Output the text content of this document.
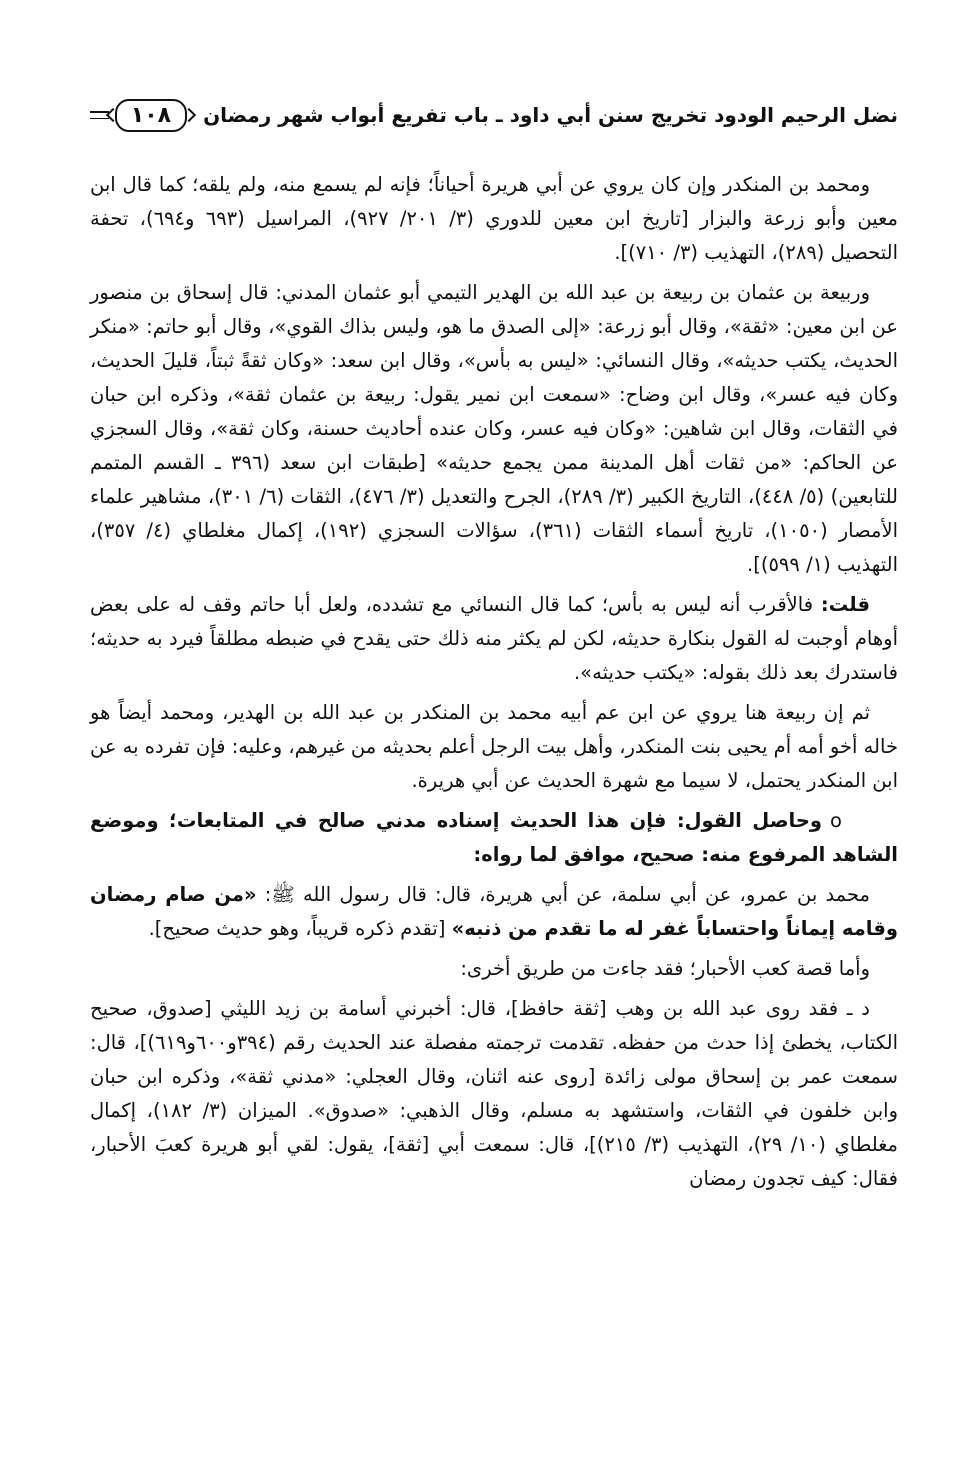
نضل الرحيم الودود تخريج سنن أبي داود ـ باب تفريع أبواب شهر رمضان
١٠٨

ومحمد بن المنكدر وإن كان يروي عن أبي هريرة أحياناً؛ فإنه لم يسمع منه، ولم يلقه؛ كما قال ابن معين وأبو زرعة والبزار [تاريخ ابن معين للدوري (٣/ ٢٠١/ ٩٢٧)، المراسيل (٦٩٣ و٦٩٤)، تحفة التحصيل (٢٨٩)، التهذيب (٣/ ٧١٠)].

وربيعة بن عثمان بن ربيعة بن عبد الله بن الهدير التيمي أبو عثمان المدني: قال إسحاق بن منصور عن ابن معين: «ثقة»، وقال أبو زرعة: «إلى الصدق ما هو، وليس بذاك القوي»، وقال أبو حاتم: «منكر الحديث، يكتب حديثه»، وقال النسائي: «ليس به بأس»، وقال ابن سعد: «وكان ثقةً ثبتاً، قليلَ الحديث، وكان فيه عسر»، وقال ابن وضاح: «سمعت ابن نمير يقول: ربيعة بن عثمان ثقة»، وذكره ابن حبان في الثقات، وقال ابن شاهين: «وكان فيه عسر، وكان عنده أحاديث حسنة، وكان ثقة»، وقال السجزي عن الحاكم: «من ثقات أهل المدينة ممن يجمع حديثه» [طبقات ابن سعد (٣٩٦ ـ القسم المتمم للتابعين) (٥/ ٤٤٨)، التاريخ الكبير (٣/ ٢٨٩)، الجرح والتعديل (٣/ ٤٧٦)، الثقات (٦/ ٣٠١)، مشاهير علماء الأمصار (١٠٥٠)، تاريخ أسماء الثقات (٣٦١)، سؤالات السجزي (١٩٢)، إكمال مغلطاي (٤/ ٣٥٧)، التهذيب (١/ ٥٩٩)].

قلت: فالأقرب أنه ليس به بأس؛ كما قال النسائي مع تشدده، ولعل أبا حاتم وقف له على بعض أوهام أوجبت له القول بنكارة حديثه، لكن لم يكثر منه ذلك حتى يقدح في ضبطه مطلقاً فيرد به حديثه؛ فاستدرك بعد ذلك بقوله: «يكتب حديثه».

ثم إن ربيعة هنا يروي عن ابن عم أبيه محمد بن المنكدر بن عبد الله بن الهدير، ومحمد أيضاً هو خاله أخو أمه أم يحيى بنت المنكدر، وأهل بيت الرجل أعلم بحديثه من غيرهم، وعليه: فإن تفرده به عن ابن المنكدر يحتمل، لا سيما مع شهرة الحديث عن أبي هريرة.

oوحاصل القول: فإن هذا الحديث إسناده مدني صالح في المتابعات؛ وموضع الشاهد المرفوع منه: صحيح، موافق لما رواه:

محمد بن عمرو، عن أبي سلمة، عن أبي هريرة، قال: قال رسول الله ﷺ: «من صام رمضان وقامه إيماناً واحتساباً غفر له ما تقدم من ذنبه» [تقدم ذكره قريباً، وهو حديث صحيح].

وأما قصة كعب الأحبار؛ فقد جاءت من طريق أخرى:

د ـ فقد روى عبد الله بن وهب [ثقة حافظ]، قال: أخبرني أسامة بن زيد الليثي [صدوق، صحيح الكتاب، يخطئ إذا حدث من حفظه. تقدمت ترجمته مفصلة عند الحديث رقم (٣٩٤و٦٠٠و٦١٩)]، قال: سمعت عمر بن إسحاق مولى زائدة [روى عنه اثنان، وقال العجلي: «مدني ثقة»، وذكره ابن حبان وابن خلفون في الثقات، واستشهد به مسلم، وقال الذهبي: «صدوق». الميزان (٣/ ١٨٢)، إكمال مغلطاي (١٠/ ٢٩)، التهذيب (٣/ ٢١٥)]، قال: سمعت أبي [ثقة]، يقول: لقي أبو هريرة كعبَ الأحبار، فقال: كيف تجدون رمضان
